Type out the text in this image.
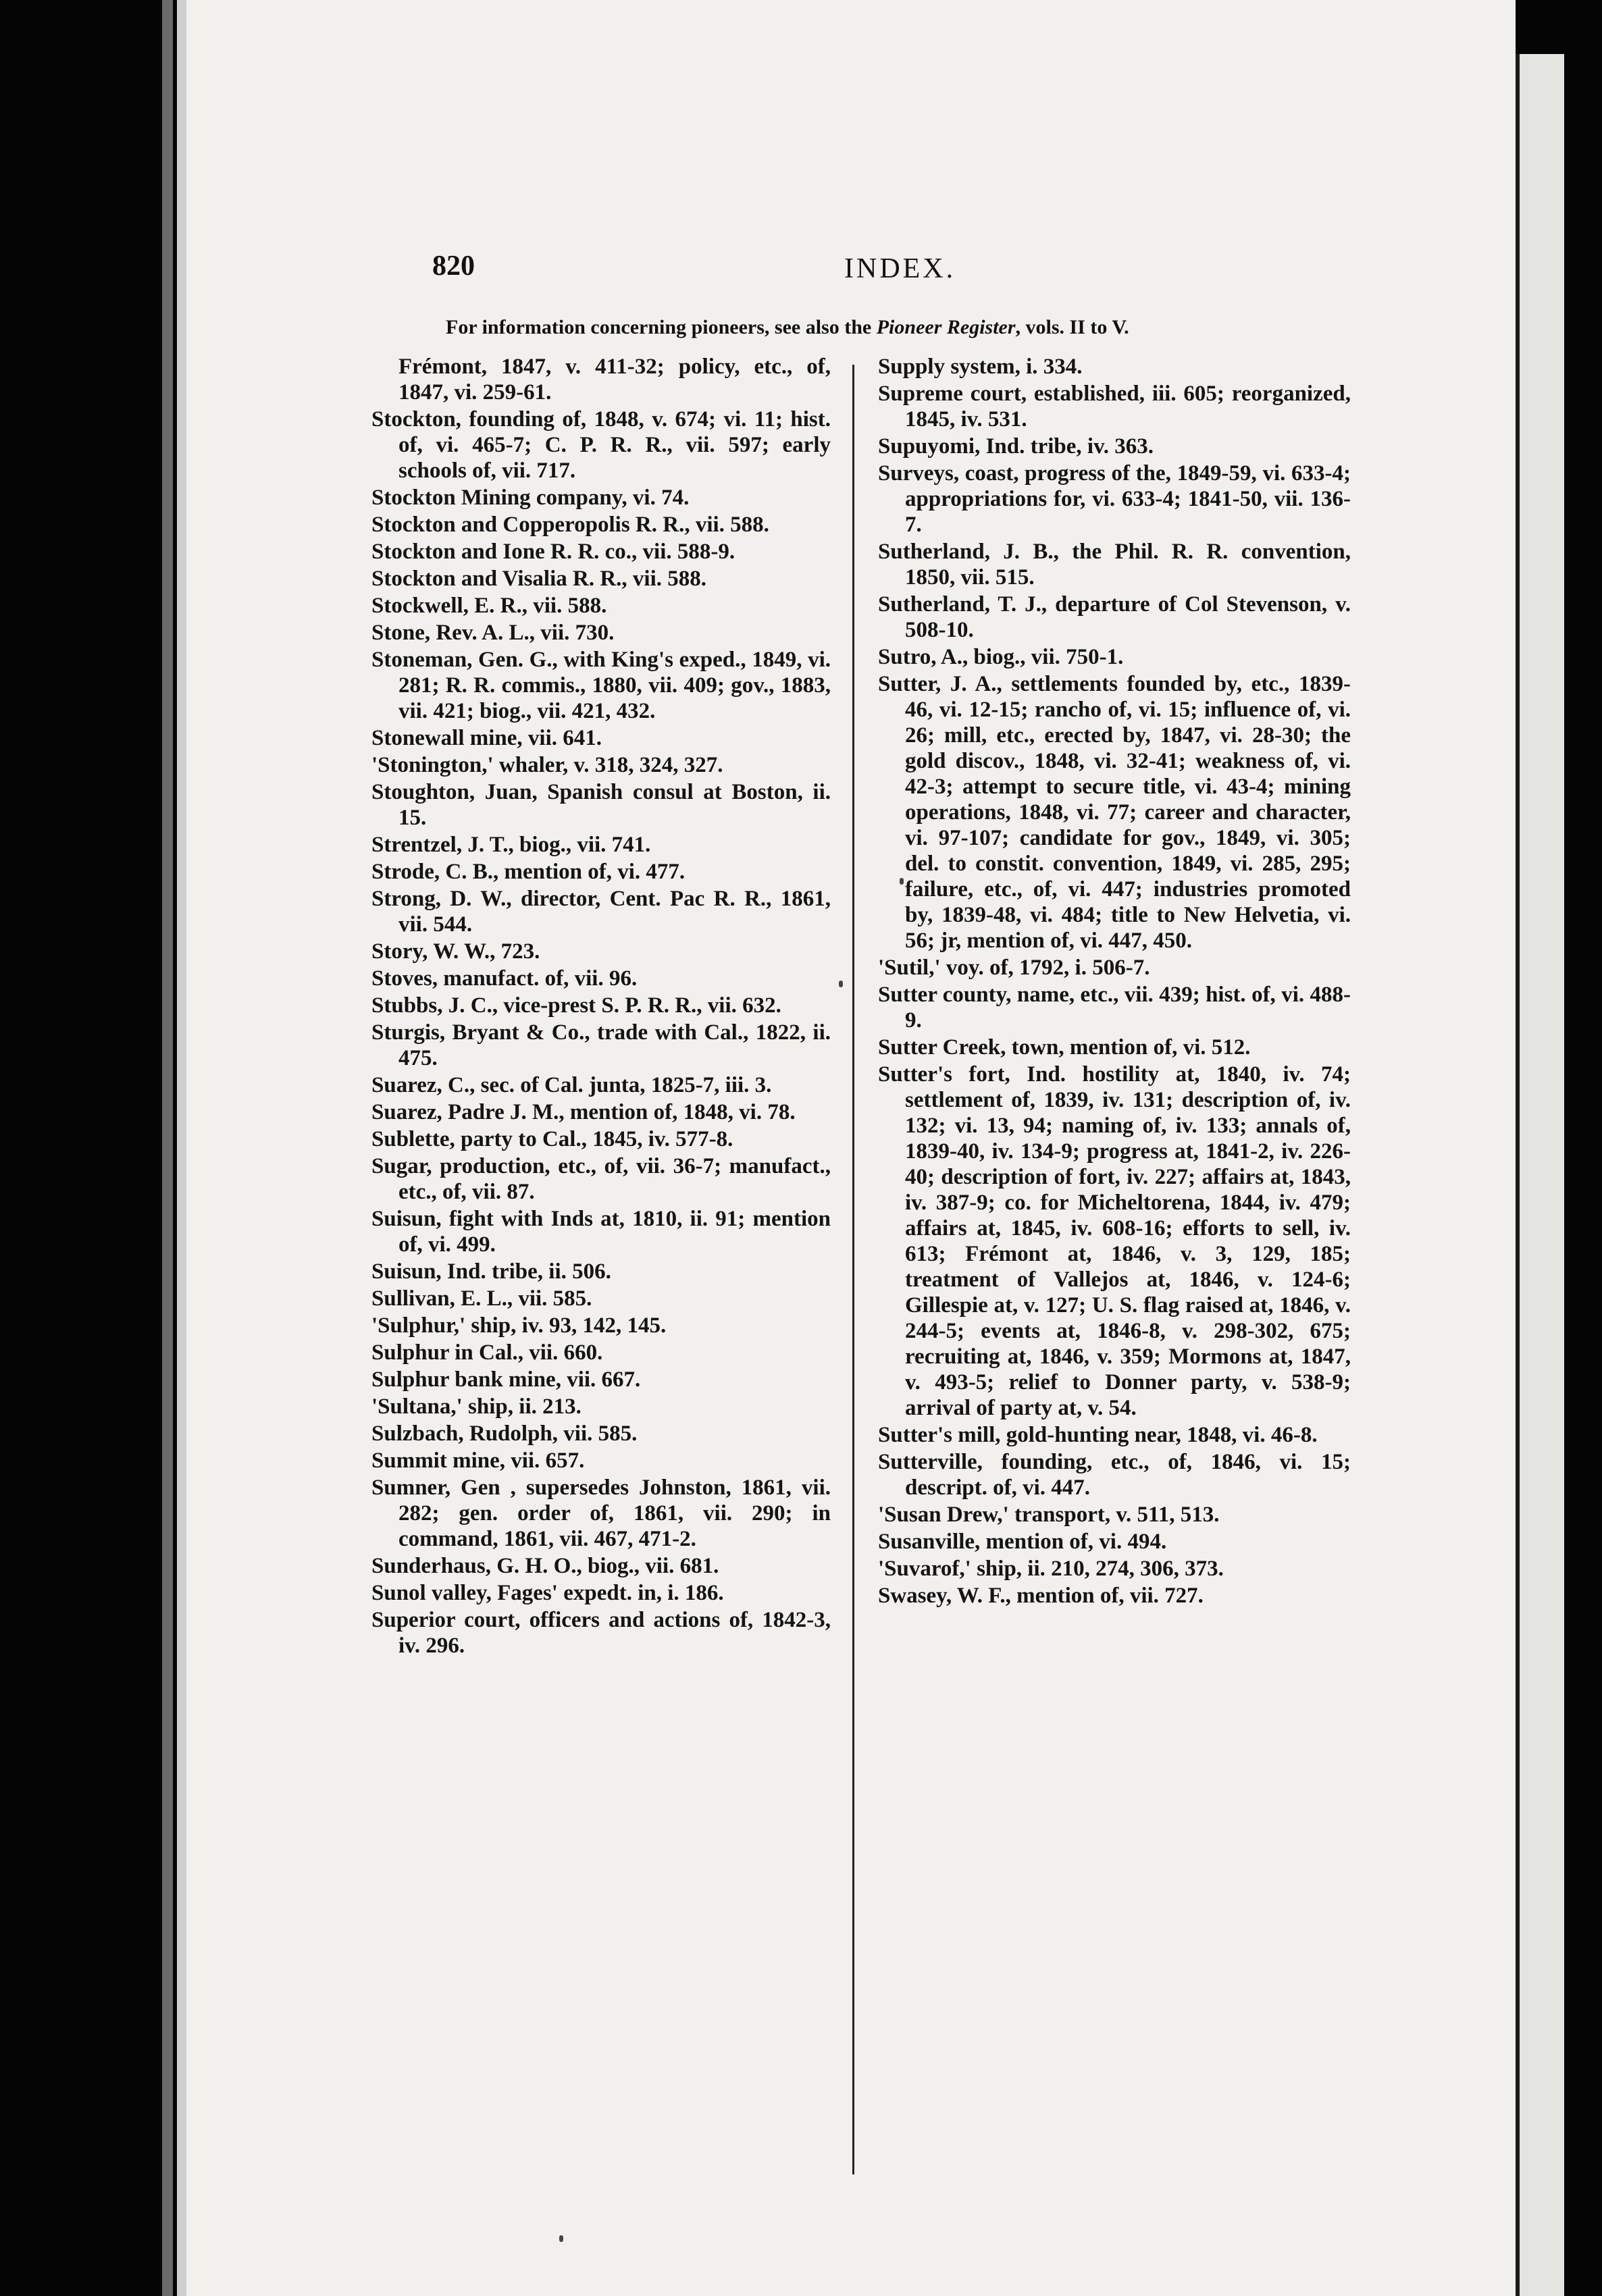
820	INDEX.
For information concerning pioneers, see also the Pioneer Register, vols. II to V.

Frémont, 1847, v. 411-32; policy, etc., of, 1847, vi. 259-61.

Stockton, founding of, 1848, v. 674; vi. 11; hist. of, vi. 465-7; C. P. R. R., vii. 597; early schools of, vii. 717.

Stockton Mining company, vi. 74.

Stockton and Copperopolis R. R., vii. 588.

Stockton and Ione R. R. co., vii. 588-9.

Stockton and Visalia R. R., vii. 588.

Stockwell, E. R., vii. 588.

Stone, Rev. A. L., vii. 730.

Stoneman, Gen. G., with King's exped., 1849, vi. 281; R. R. commis., 1880, vii. 409; gov., 1883, vii. 421; biog., vii. 421, 432.

Stonewall mine, vii. 641.

'Stonington,' whaler, v. 318, 324, 327.

Stoughton, Juan, Spanish consul at Boston, ii. 15.

Strentzel, J. T., biog., vii. 741.

Strode, C. B., mention of, vi. 477.

Strong, D. W., director, Cent. Pac R. R., 1861, vii. 544.

Story, W. W., 723.

Stoves, manufact. of, vii. 96.

Stubbs, J. C., vice-prest S. P. R. R., vii. 632.

Sturgis, Bryant & Co., trade with Cal., 1822, ii. 475.

Suarez, C., sec. of Cal. junta, 1825-7, iii. 3.

Suarez, Padre J. M., mention of, 1848, vi. 78.

Sublette, party to Cal., 1845, iv. 577-8.

Sugar, production, etc., of, vii. 36-7; manufact., etc., of, vii. 87.

Suisun, fight with Inds at, 1810, ii. 91; mention of, vi. 499.

Suisun, Ind. tribe, ii. 506.

Sullivan, E. L., vii. 585.

'Sulphur,' ship, iv. 93, 142, 145.

Sulphur in Cal., vii. 660.

Sulphur bank mine, vii. 667.

'Sultana,' ship, ii. 213.

Sulzbach, Rudolph, vii. 585.

Summit mine, vii. 657.

Sumner, Gen , supersedes Johnston, 1861, vii. 282; gen. order of, 1861, vii. 290; in command, 1861, vii. 467, 471-2.

Sunderhaus, G. H. O., biog., vii. 681.

Sunol valley, Fages' expedt. in, i. 186.

Superior court, officers and actions of, 1842-3, iv. 296.

Supply system, i. 334.

Supreme court, established, iii. 605; reorganized, 1845, iv. 531.

Supuyomi, Ind. tribe, iv. 363.

Surveys, coast, progress of the, 1849-59, vi. 633-4; appropriations for, vi. 633-4; 1841-50, vii. 136-7.

Sutherland, J. B., the Phil. R. R. convention, 1850, vii. 515.

Sutherland, T. J., departure of Col Stevenson, v. 508-10.

Sutro, A., biog., vii. 750-1.

Sutter, J. A., settlements founded by, etc., 1839-46, vi. 12-15; rancho of, vi. 15; influence of, vi. 26; mill, etc., erected by, 1847, vi. 28-30; the gold discov., 1848, vi. 32-41; weakness of, vi. 42-3; attempt to secure title, vi. 43-4; mining operations, 1848, vi. 77; career and character, vi. 97-107; candidate for gov., 1849, vi. 305; del. to constit. convention, 1849, vi. 285, 295; failure, etc., of, vi. 447; industries promoted by, 1839-48, vi. 484; title to New Helvetia, vi. 56; jr, mention of, vi. 447, 450.

'Sutil,' voy. of, 1792, i. 506-7.

Sutter county, name, etc., vii. 439; hist. of, vi. 488-9.

Sutter Creek, town, mention of, vi. 512.

Sutter's fort, Ind. hostility at, 1840, iv. 74; settlement of, 1839, iv. 131; description of, iv. 132; vi. 13, 94; naming of, iv. 133; annals of, 1839-40, iv. 134-9; progress at, 1841-2, iv. 226-40; description of fort, iv. 227; affairs at, 1843, iv. 387-9; co. for Micheltorena, 1844, iv. 479; affairs at, 1845, iv. 608-16; efforts to sell, iv. 613; Frémont at, 1846, v. 3, 129, 185; treatment of Vallejos at, 1846, v. 124-6; Gillespie at, v. 127; U. S. flag raised at, 1846, v. 244-5; events at, 1846-8, v. 298-302, 675; recruiting at, 1846, v. 359; Mormons at, 1847, v. 493-5; relief to Donner party, v. 538-9; arrival of party at, v. 54.

Sutter's mill, gold-hunting near, 1848, vi. 46-8.

Sutterville, founding, etc., of, 1846, vi. 15; descript. of, vi. 447.

'Susan Drew,' transport, v. 511, 513.

Susanville, mention of, vi. 494.

'Suvarof,' ship, ii. 210, 274, 306, 373.

Swasey, W. F., mention of, vii. 727.
